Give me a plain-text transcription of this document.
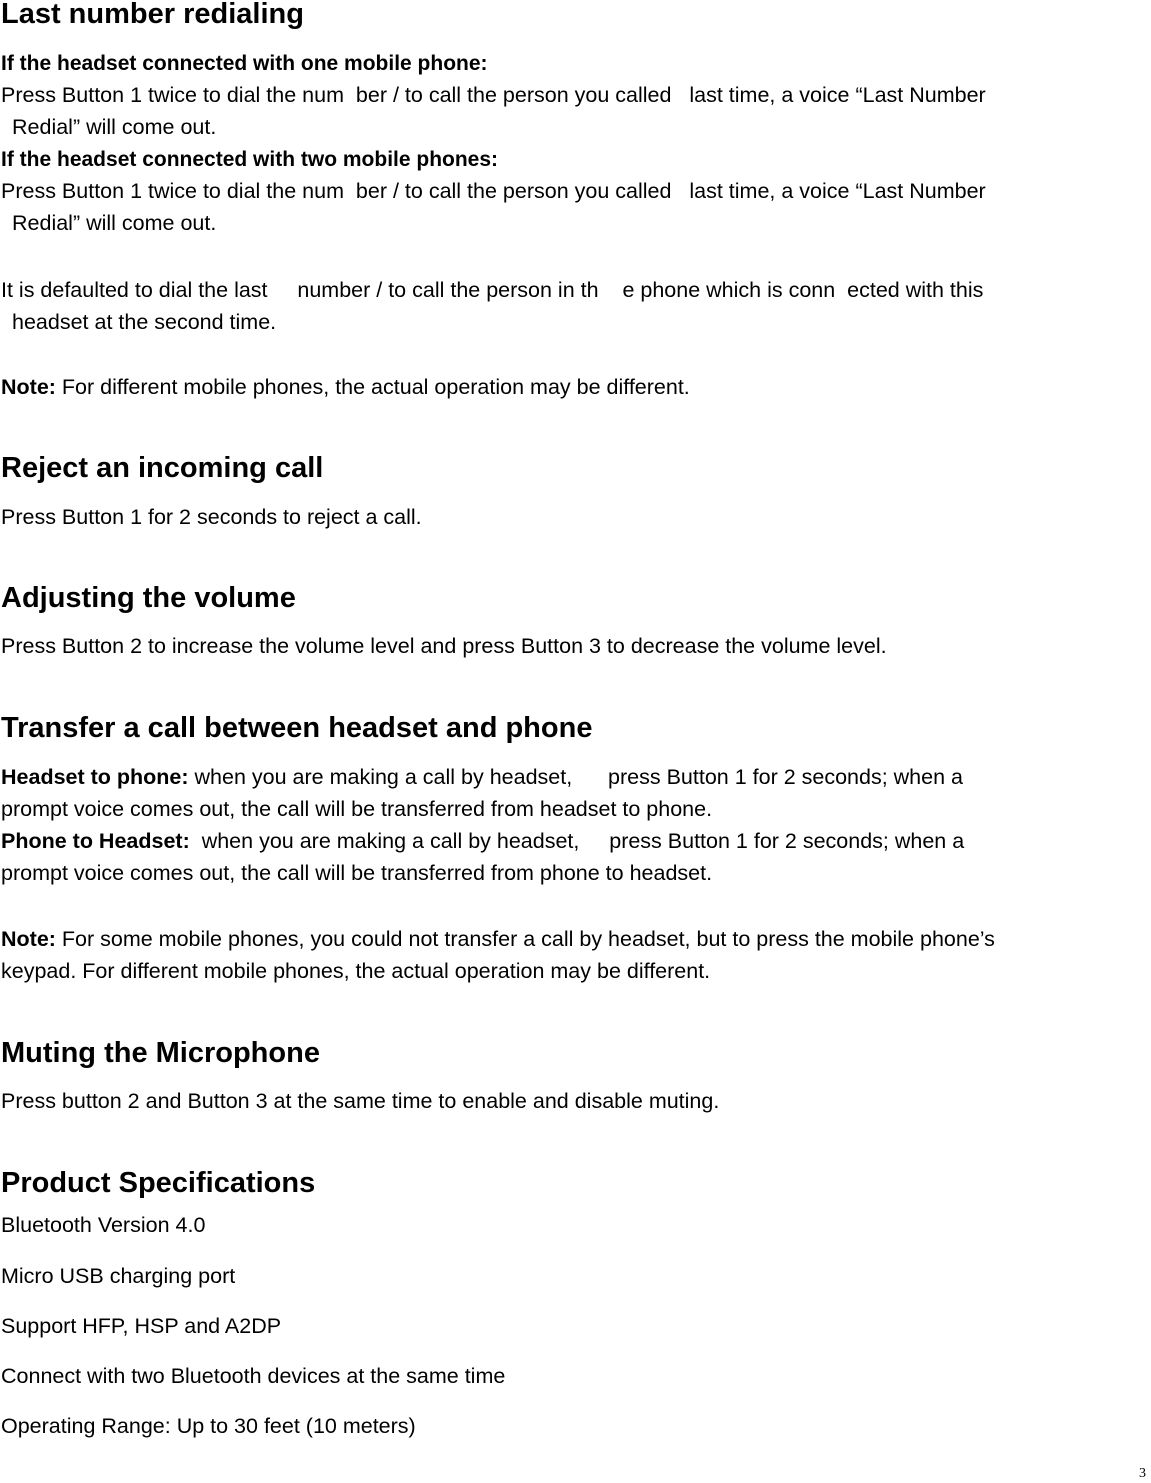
Last number redialing
If the headset connected with one mobile phone:
Press Button 1 twice to dial the num  ber / to call the person you called   last time, a voice “Last Number
Redial” will come out.
If the headset connected with two mobile phones:
Press Button 1 twice to dial the num  ber / to call the person you called   last time, a voice “Last Number
Redial” will come out.
It is defaulted to dial the last     number / to call the person in th    e phone which is conn  ected with this
headset at the second time.
Note: For different mobile phones, the actual operation may be different.
Reject an incoming call
Press Button 1 for 2 seconds to reject a call.
Adjusting the volume
Press Button 2 to increase the volume level and press Button 3 to decrease the volume level.
Transfer a call between headset and phone
Headset to phone: when you are making a call by headset,      press Button 1 for 2 seconds; when a
prompt voice comes out, the call will be transferred from headset to phone.
Phone to Headset:  when you are making a call by headset,     press Button 1 for 2 seconds; when a
prompt voice comes out, the call will be transferred from phone to headset.
Note: For some mobile phones, you could not transfer a call by headset, but to press the mobile phone’s
keypad. For different mobile phones, the actual operation may be different.
Muting the Microphone
Press button 2 and Button 3 at the same time to enable and disable muting.
Product Specifications
Bluetooth Version 4.0
Micro USB charging port
Support HFP, HSP and A2DP
Connect with two Bluetooth devices at the same time
Operating Range: Up to 30 feet (10 meters)
3
